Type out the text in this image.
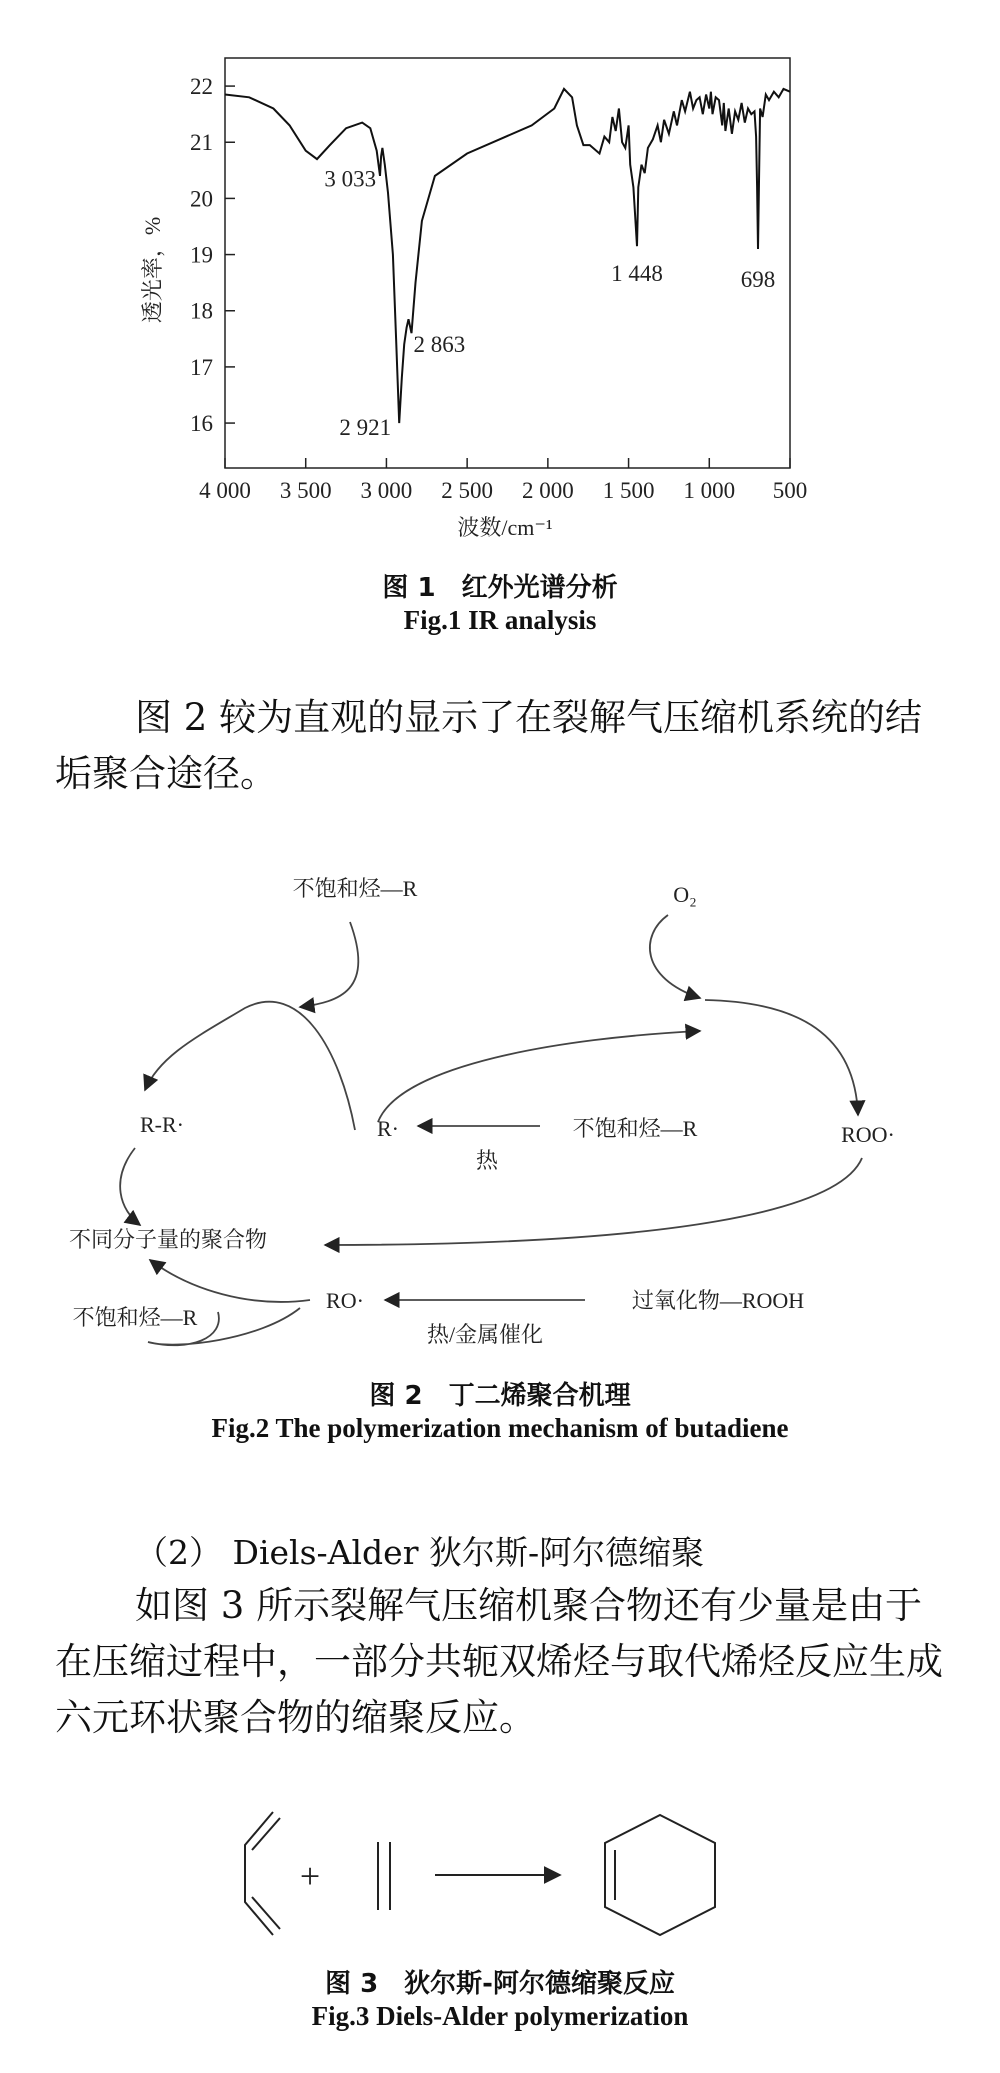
16
17
18
19
20
21
22
4 000 3 500 3 000 2 500 2 000 1 500 1 000 500
3 033
2 921
2 863
1 448	698
透光率，%
波数/cm⁻¹
图 1　红外光谱分析
Fig.1 IR analysis
图 2 较为直观的显示了在裂解气压缩机系统的结垢聚合途径。
不饱和烃—R	O₂
R-R·	R·	不饱和烃—R
热
ROO·
不同分子量的聚合物
RO·	过氧化物—ROOH
热/金属催化
不饱和烃—R
图 2　丁二烯聚合机理
Fig.2 The polymerization mechanism of butadiene
（2） Diels-Alder 狄尔斯-阿尔德缩聚
如图 3 所示裂解气压缩机聚合物还有少量是由于在压缩过程中，一部分共轭双烯烃与取代烯烃反应生成六元环状聚合物的缩聚反应。
+
图 3　狄尔斯-阿尔德缩聚反应
Fig.3 Diels-Alder polymerization
